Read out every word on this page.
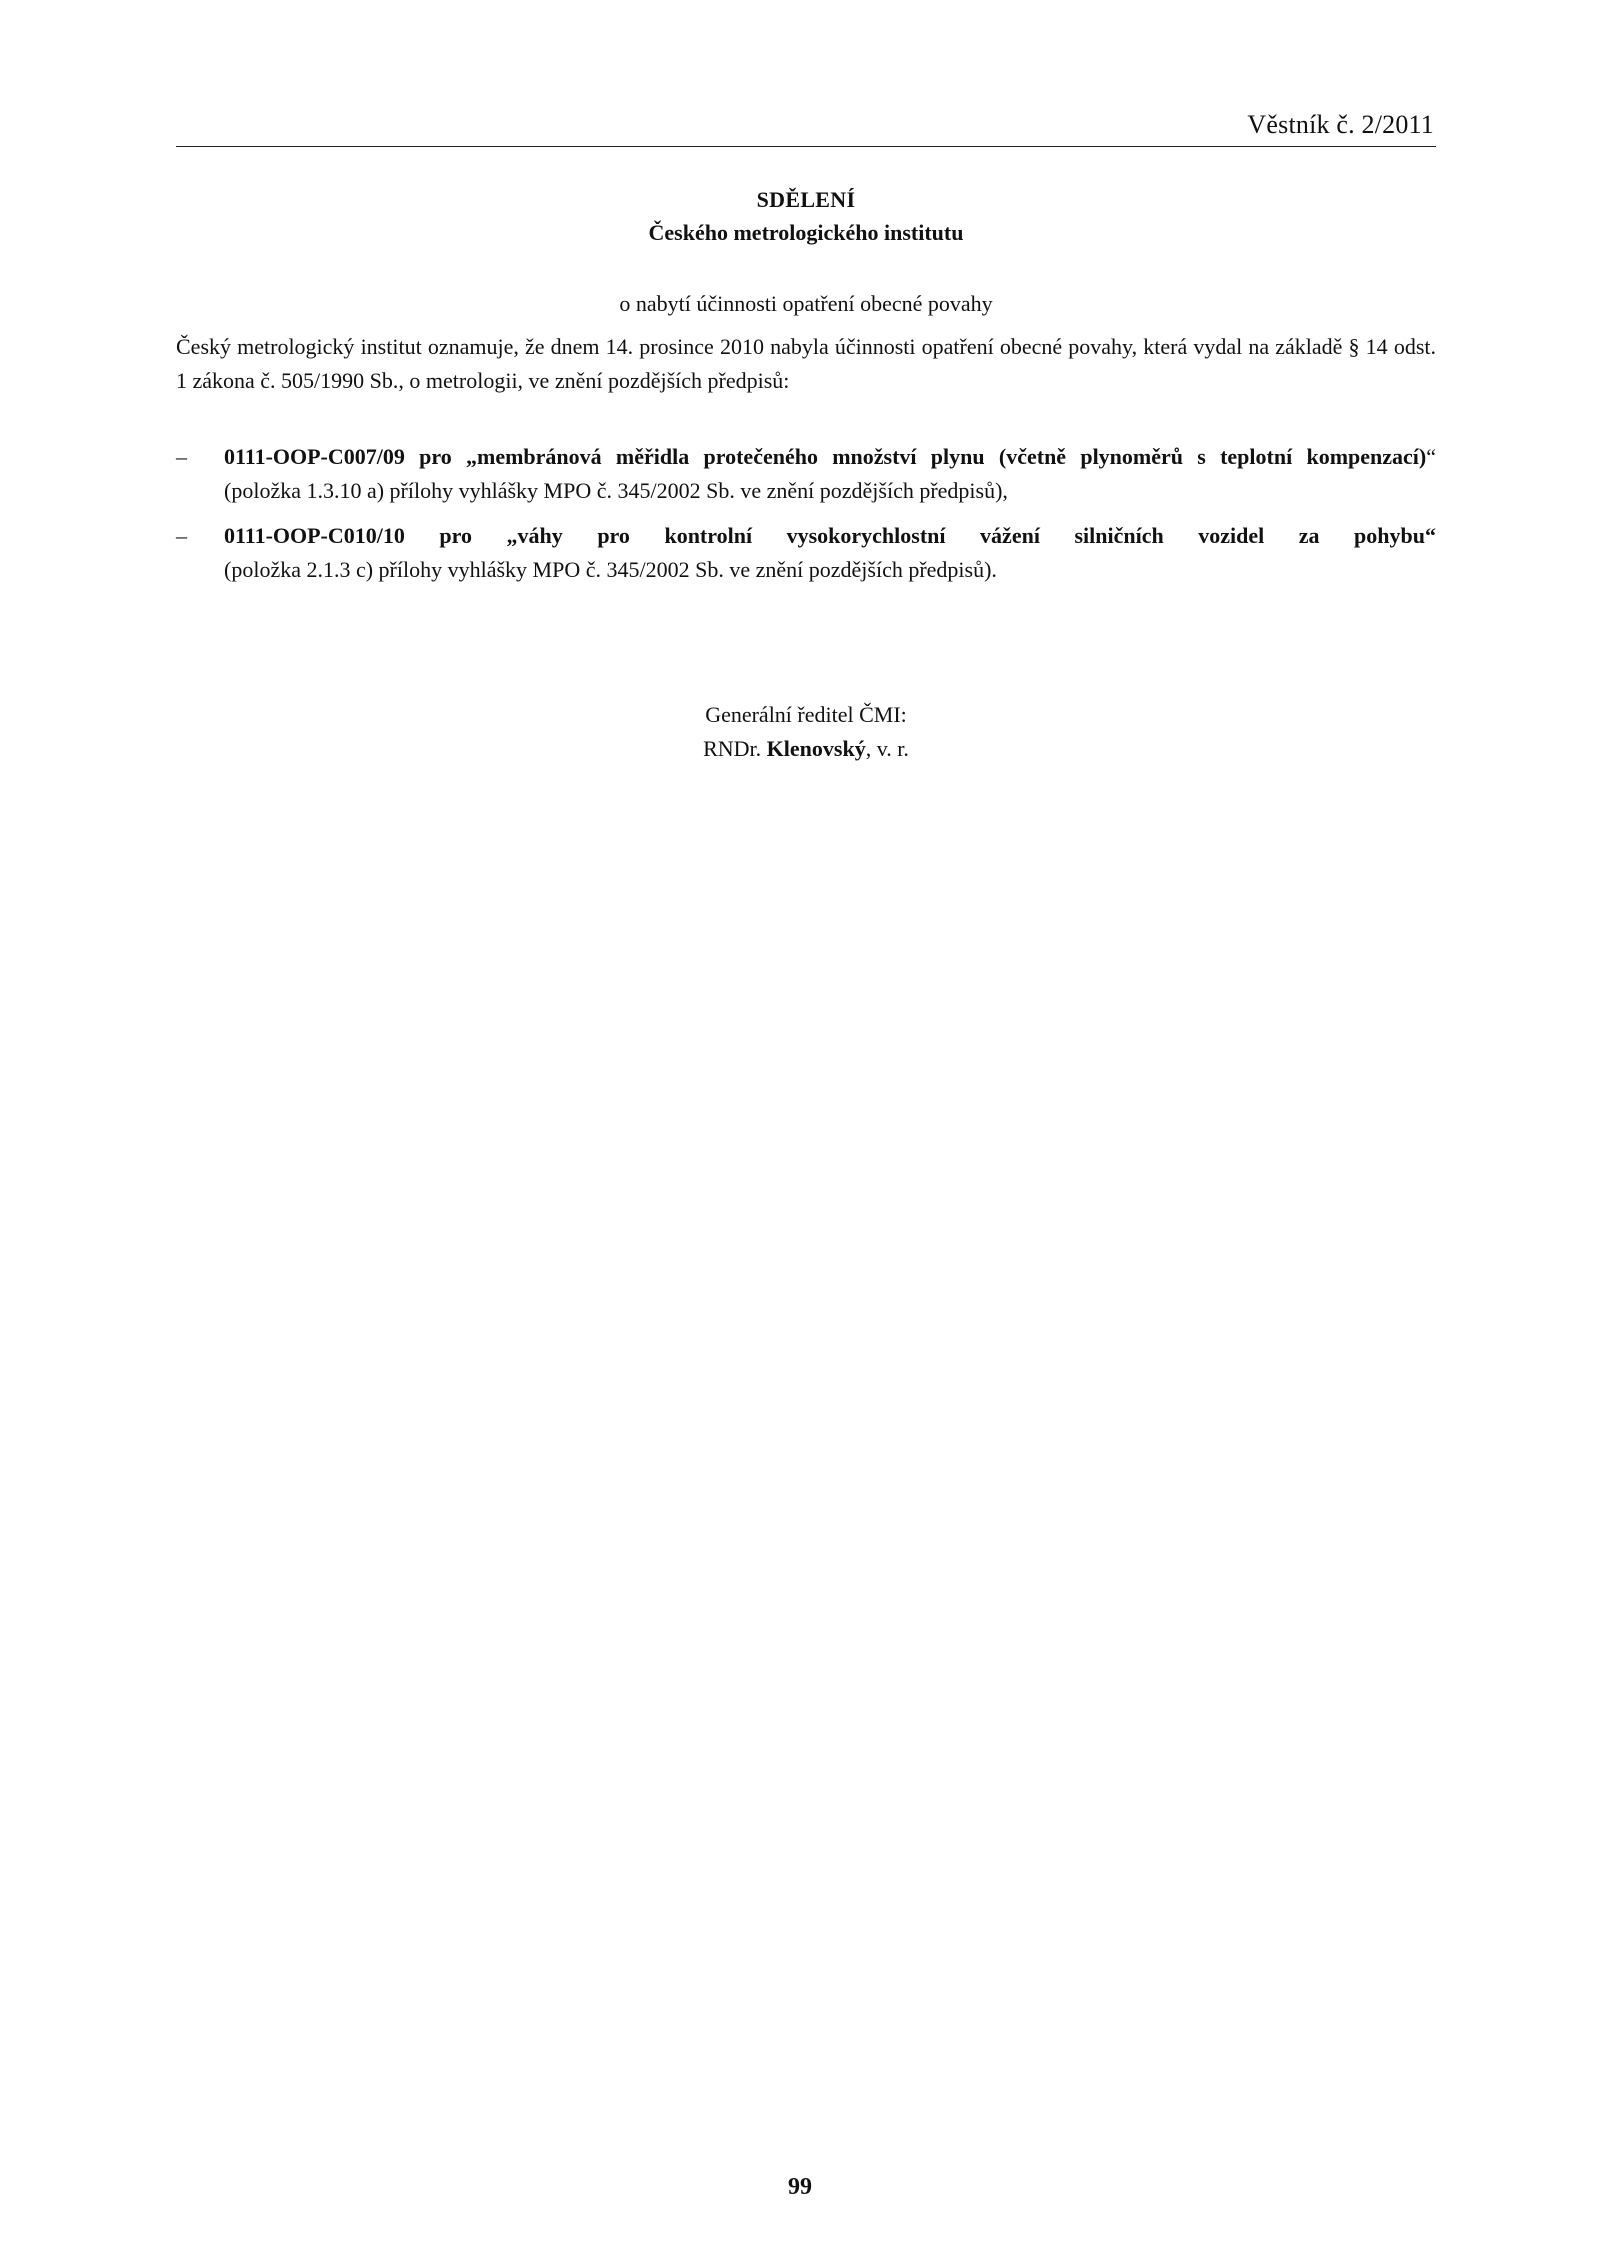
Věstník č. 2/2011
SDĚLENÍ
Českého metrologického institutu
o nabytí účinnosti opatření obecné povahy
Český metrologický institut oznamuje, že dnem 14. prosince 2010 nabyla účinnosti opatření obecné povahy, která vydal na základě § 14 odst. 1 zákona č. 505/1990 Sb., o metrologii, ve znění pozdějších předpisů:
– 0111-OOP-C007/09 pro „membránová měřidla protečeného množství plynu (včetně plynoměrů s teplotní kompenzací)“
(položka 1.3.10 a) přílohy vyhlášky MPO č. 345/2002 Sb. ve znění pozdějších předpisů),
– 0111-OOP-C010/10 pro „váhy pro kontrolní vysokorychlostní vážení silničních vozidel za pohybu“
(položka 2.1.3 c) přílohy vyhlášky MPO č. 345/2002 Sb. ve znění pozdějších předpisů).
Generální ředitel ČMI:
RNDr. Klenovský, v. r.
99
